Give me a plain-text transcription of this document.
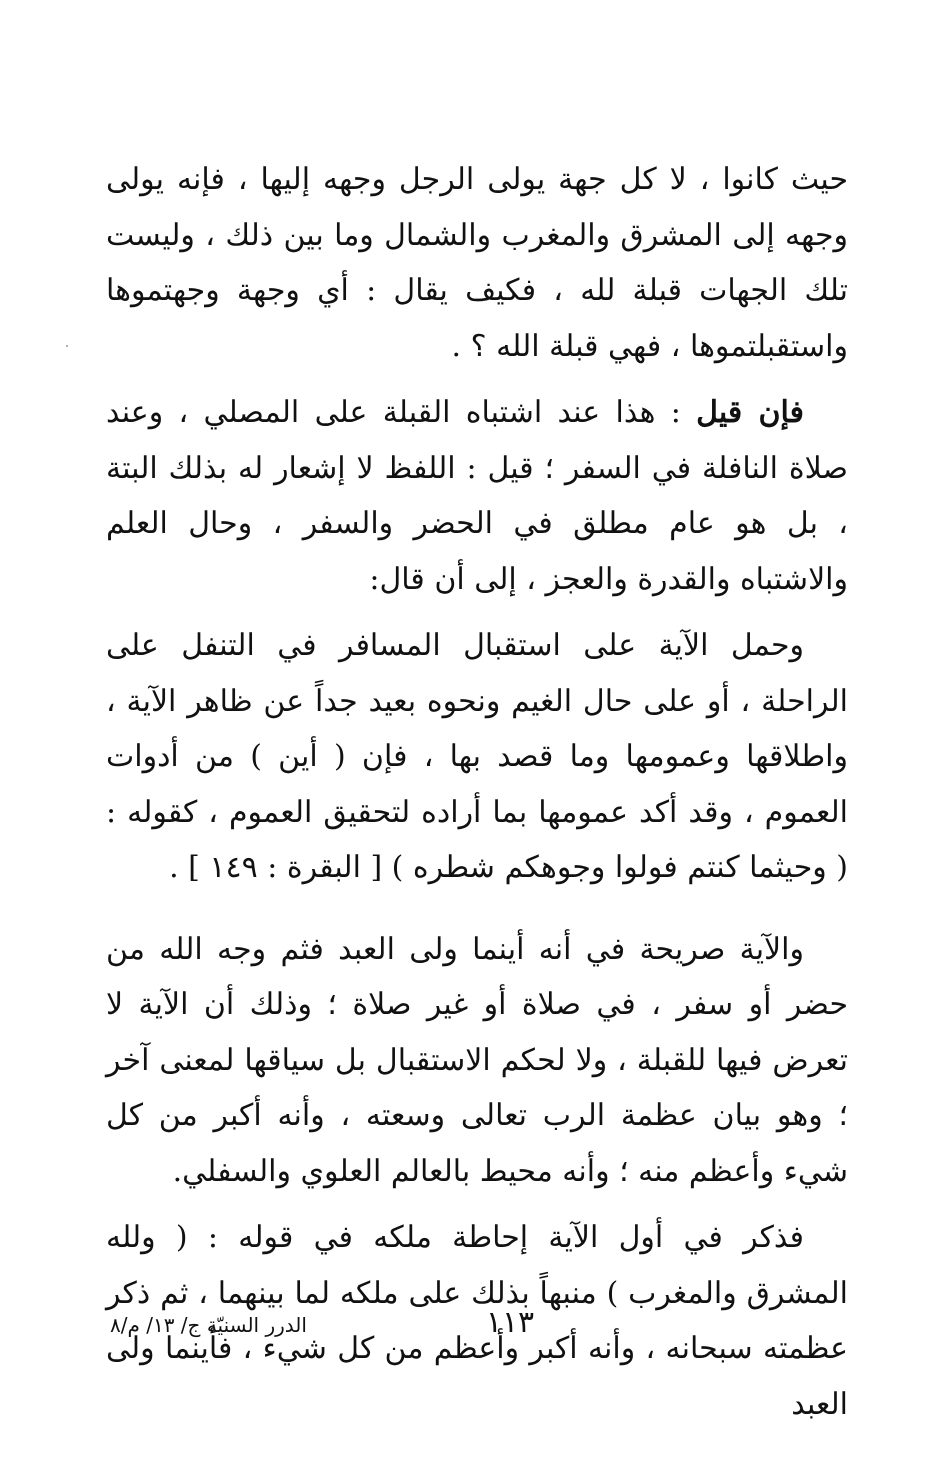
حيث كانوا ، لا كل جهة يولى الرجل وجهه إليها ، فإنه يولى وجهه إلى المشرق والمغرب والشمال وما بين ذلك ، وليست تلك الجهات قبلة لله ، فكيف يقال : أي وجهة وجهتموها واستقبلتموها ، فهي قبلة الله ؟ .

فإن قيل : هذا عند اشتباه القبلة على المصلي ، وعند صلاة النافلة في السفر ؛ قيل : اللفظ لا إشعار له بذلك البتة ، بل هو عام مطلق في الحضر والسفر ، وحال العلم والاشتباه والقدرة والعجز ، إلى أن قال:

وحمل الآية على استقبال المسافر في التنفل على الراحلة ، أو على حال الغيم ونحوه بعيد جداً عن ظاهر الآية ، واطلاقها وعمومها وما قصد بها ، فإن ( أين ) من أدوات العموم ، وقد أكد عمومها بما أراده لتحقيق العموم ، كقوله : ( وحيثما كنتم فولوا وجوهكم شطره ) [ البقرة : ١٤٩ ] .

والآية صريحة في أنه أينما ولى العبد فثم وجه الله من حضر أو سفر ، في صلاة أو غير صلاة ؛ وذلك أن الآية لا تعرض فيها للقبلة ، ولا لحكم الاستقبال بل سياقها لمعنى آخر ؛ وهو بيان عظمة الرب تعالى وسعته ، وأنه أكبر من كل شيء وأعظم منه ؛ وأنه محيط بالعالم العلوي والسفلي.

فذكر في أول الآية إحاطة ملكه في قوله : ( ولله المشرق والمغرب ) منبهاً بذلك على ملكه لما بينهما ، ثم ذكر عظمته سبحانه ، وأنه أكبر وأعظم من كل شيء ، فأينما ولى العبد

الدرر السنيّة ج/ ١٣/ م/٨	١١٣
